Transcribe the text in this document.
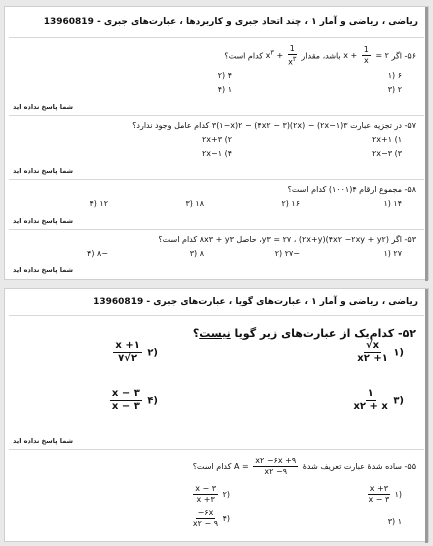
ریاضی ، ریاضی و آمار ۱ ، چند اتحاد جبری و کاربردها ، عبارت‌های جبری - 13960819
۵۶- اگر $x + \frac{1}{x}$ = ۲ باشد، مقدار $x^۳ + \frac{1}{x^۳}$
کدام است؟
۶ (۱
۴ (۲
۲ (۳
۱ (۴
شما پاسخ نداده اید
۵۷- در تجزیه عبارت ۳(۲x−۱) − (۲x)(۴x۲ − ۳) − ۳(۱−x)۲ کدام عامل وجود ندارد؟
۲x+۱ (۱
۲x+۳ (۲
۲x−۳ (۳
۲x−۱ (۴
شما پاسخ نداده اید
۵۸- مجموع ارقام ۴(۱۰۰۱) کدام است؟
۱۴ (۱
۱۶ (۲
۱۸ (۳
۱۲ (۴
شما پاسخ نداده اید
۵۳- اگر y۳ = ۲۷ ، (۲x+y)(۴x۲ −۲xy + y۲)، حاصل ۸x۳ + y۳ کدام است؟
۲۷ (۱
−۲۷ (۲
۸ (۳
−۸ (۴
شما پاسخ نداده اید
ریاضی ، ریاضی و آمار ۱ ، عبارت‌های گویا ، عبارت‌های جبری - 13960819
۵۲- کدام‌یک از عبارت‌های زیر گویا نیست؟
(۱
$\frac{√x}{x۲ +۱}$
(۲
$\frac{x +۱}{۷√۲}$
(۳
$\frac{۱}{x۲ + x}$
(۴
$\frac{x - ۳}{x - ۳}$
شما پاسخ نداده اید
۵۵- ساده شدهٔ عبارت تعریف شدهٔ
$\frac{x۲ -۶x +۹}{x۲ -۹}$
= A کدام است؟
(۱
$\frac{x +۳}{x - ۳}$
(۲
$\frac{x - ۳}{x +۳}$
۱ (۳
(۴
$\frac{-۶x}{x۲ - ۹}$
